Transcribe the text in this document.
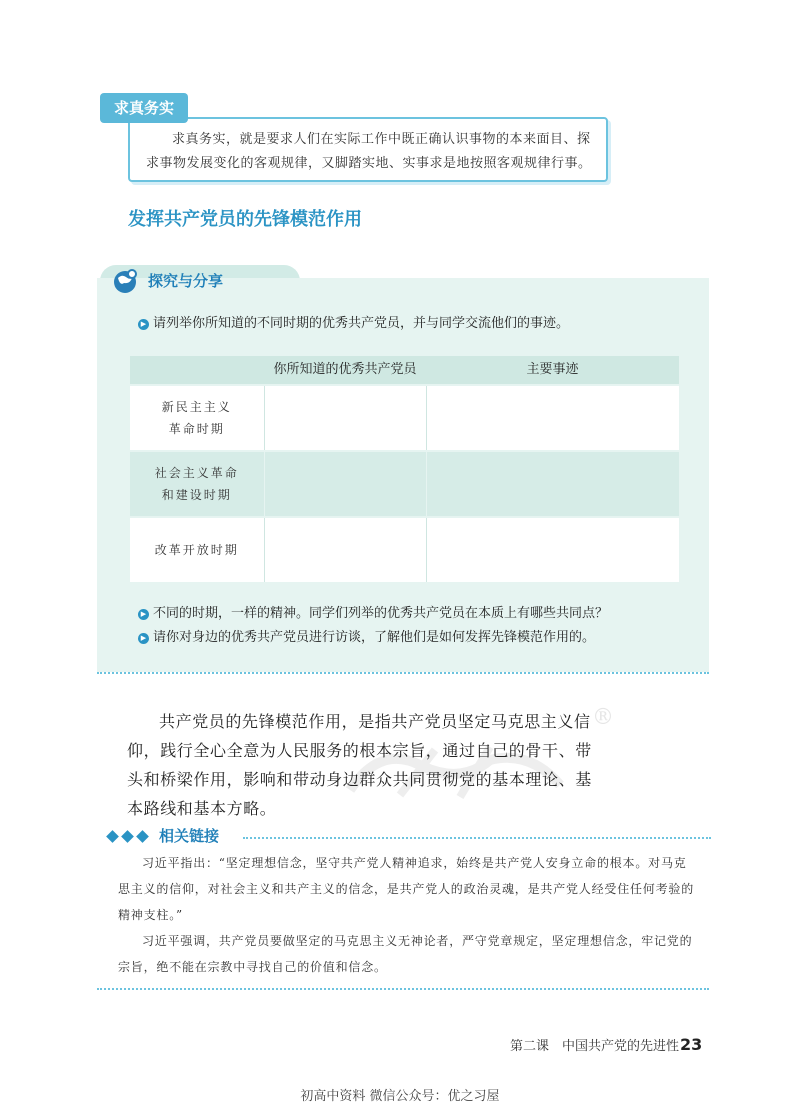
求真务实
求真务实，就是要求人们在实际工作中既正确认识事物的本来面目、探求事物发展变化的客观规律，又脚踏实地、实事求是地按照客观规律行事。
发挥共产党员的先锋模范作用
探究与分享
▶ 请列举你所知道的不同时期的优秀共产党员，并与同学交流他们的事迹。
你所知道的优秀共产党员	主要事迹
新民主主义
革命时期
社会主义革命
和建设时期
改革开放时期
▶ 不同的时期，一样的精神。同学们列举的优秀共产党员在本质上有哪些共同点？
▶ 请你对身边的优秀共产党员进行访谈，了解他们是如何发挥先锋模范作用的。
®

共产党员的先锋模范作用，是指共产党员坚定马克思主义信仰，践行全心全意为人民服务的根本宗旨，通过自己的骨干、带头和桥梁作用，影响和带动身边群众共同贯彻党的基本理论、基本路线和基本方略。

相关链接

习近平指出：“坚定理想信念，坚守共产党人精神追求，始终是共产党人安身立命的根本。对马克思主义的信仰，对社会主义和共产主义的信念，是共产党人的政治灵魂，是共产党人经受住任何考验的精神支柱。”

习近平强调，共产党员要做坚定的马克思主义无神论者，严守党章规定，坚定理想信念，牢记党的宗旨，绝不能在宗教中寻找自己的价值和信念。

第二课　中国共产党的先进性 23
初高中资料 微信公众号：优之习屋
